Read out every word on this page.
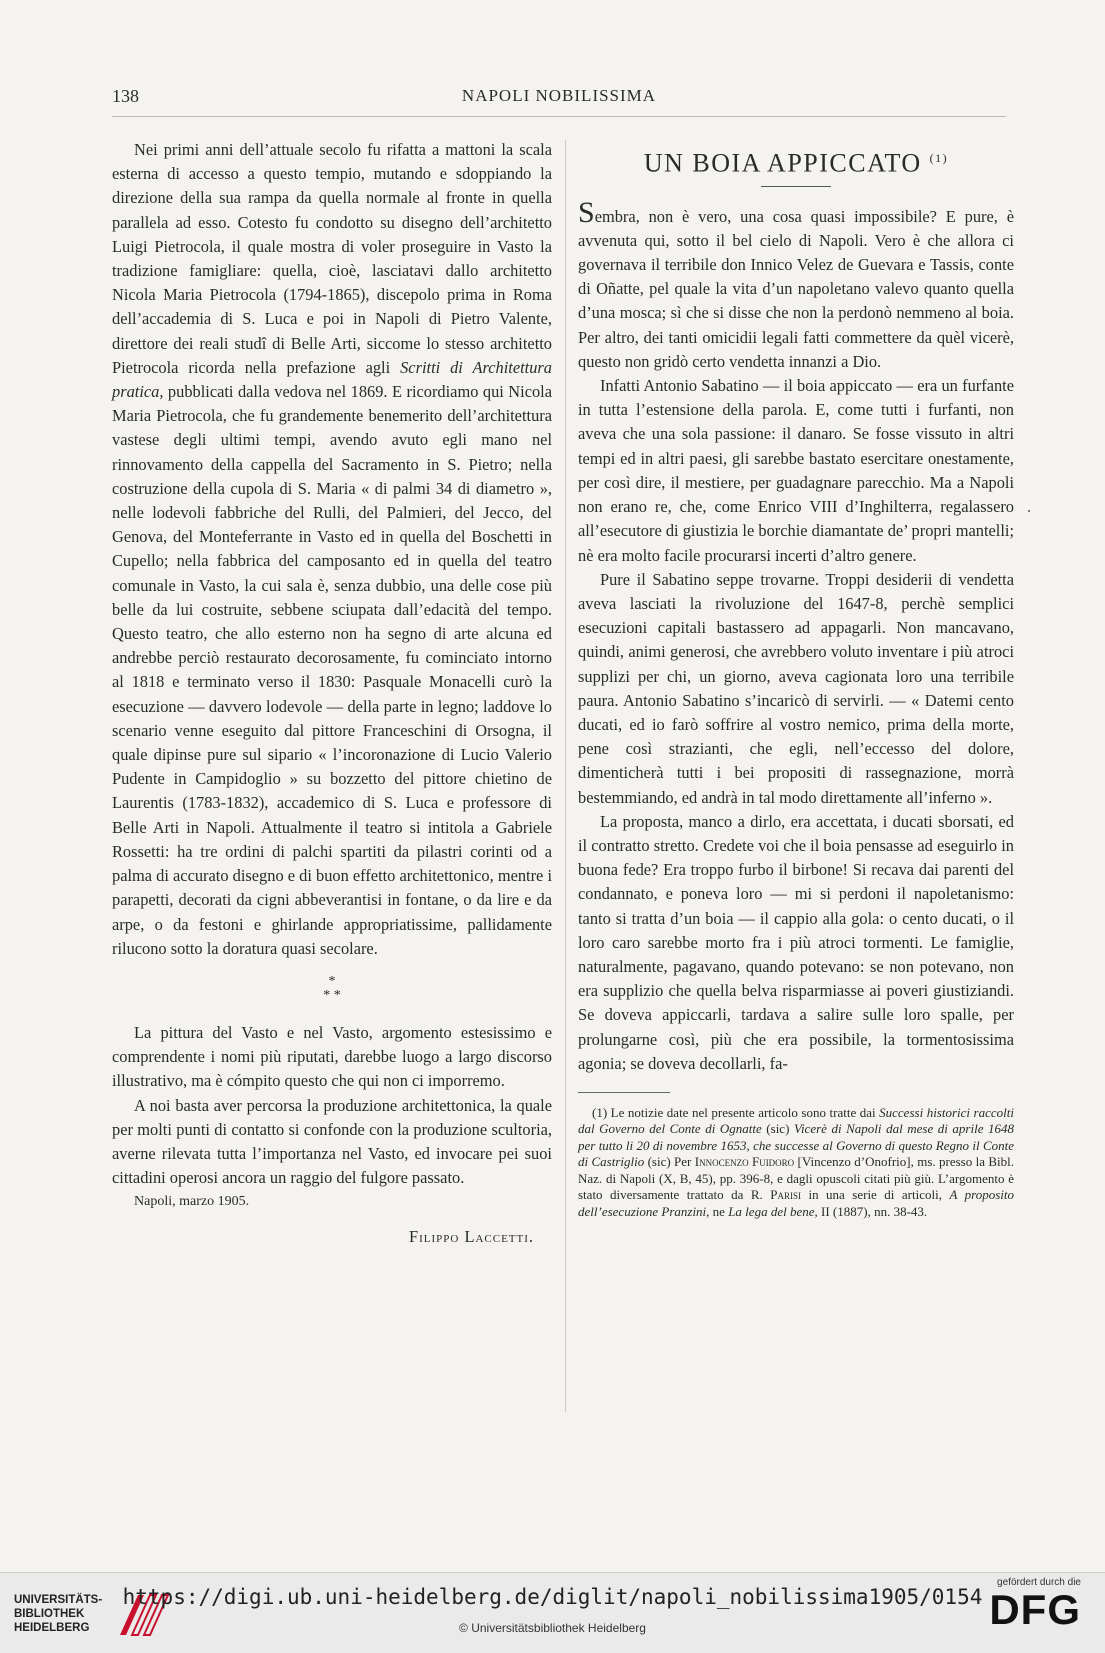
138	NAPOLI NOBILISSIMA

Nei primi anni dell’attuale secolo fu rifatta a mattoni la scala esterna di accesso a questo tempio, mutando e sdoppiando la direzione della sua rampa da quella normale al fronte in quella parallela ad esso. Cotesto fu condotto su disegno dell’architetto Luigi Pietrocola, il quale mostra di voler proseguire in Vasto la tradizione famigliare: quella, cioè, lasciatavi dallo architetto Nicola Maria Pietrocola (1794-1865), discepolo prima in Roma dell’accademia di S. Luca e poi in Napoli di Pietro Valente, direttore dei reali studî di Belle Arti, siccome lo stesso architetto Pietrocola ricorda nella prefazione agli Scritti di Architettura pratica, pubblicati dalla vedova nel 1869. E ricordiamo qui Nicola Maria Pietrocola, che fu grandemente benemerito dell’architettura vastese degli ultimi tempi, avendo avuto egli mano nel rinnovamento della cappella del Sacramento in S. Pietro; nella costruzione della cupola di S. Maria « di palmi 34 di diametro », nelle lodevoli fabbriche del Rulli, del Palmieri, del Jecco, del Genova, del Monteferrante in Vasto ed in quella del Boschetti in Cupello; nella fabbrica del camposanto ed in quella del teatro comunale in Vasto, la cui sala è, senza dubbio, una delle cose più belle da lui costruite, sebbene sciupata dall’edacità del tempo. Questo teatro, che allo esterno non ha segno di arte alcuna ed andrebbe perciò restaurato decorosamente, fu cominciato intorno al 1818 e terminato verso il 1830: Pasquale Monacelli curò la esecuzione — davvero lodevole — della parte in legno; laddove lo scenario venne eseguito dal pittore Franceschini di Orsogna, il quale dipinse pure sul sipario « l’incoronazione di Lucio Valerio Pudente in Campidoglio » su bozzetto del pittore chietino de Laurentis (1783-1832), accademico di S. Luca e professore di Belle Arti in Napoli. Attualmente il teatro si intitola a Gabriele Rossetti: ha tre ordini di palchi spartiti da pilastri corinti od a palma di accurato disegno e di buon effetto architettonico, mentre i parapetti, decorati da cigni abbeverantisi in fontane, o da lire e da arpe, o da festoni e ghirlande appropriatissime, pallidamente rilucono sotto la doratura quasi secolare.

*
* *

La pittura del Vasto e nel Vasto, argomento estesissimo e comprendente i nomi più riputati, darebbe luogo a largo discorso illustrativo, ma è cómpito questo che qui non ci imporremo.

A noi basta aver percorsa la produzione architettonica, la quale per molti punti di contatto si confonde con la produzione scultoria, averne rilevata tutta l’importanza nel Vasto, ed invocare pei suoi cittadini operosi ancora un raggio del fulgore passato.

Napoli, marzo 1905.

Filippo Laccetti.
UN BOIA APPICCATO $^{(1)}$

Sembra, non è vero, una cosa quasi impossibile? E pure, è avvenuta qui, sotto il bel cielo di Napoli. Vero è che allora ci governava il terribile don Innico Velez de Guevara e Tassis, conte di Oñatte, pel quale la vita d’un napoletano valevo quanto quella d’una mosca; sì che si disse che non la perdonò nemmeno al boia. Per altro, dei tanti omicidii legali fatti commettere da quèl vicerè, questo non gridò certo vendetta innanzi a Dio.

Infatti Antonio Sabatino — il boia appiccato — era un furfante in tutta l’estensione della parola. E, come tutti i furfanti, non aveva che una sola passione: il danaro. Se fosse vissuto in altri tempi ed in altri paesi, gli sarebbe bastato esercitare onestamente, per così dire, il mestiere, per guadagnare parecchio. Ma a Napoli non erano re, che, come Enrico VIII d’Inghilterra, regalassero all’esecutore di giustizia le borchie diamantate de’ propri mantelli; nè era molto facile procurarsi incerti d’altro genere.

Pure il Sabatino seppe trovarne. Troppi desiderii di vendetta aveva lasciati la rivoluzione del 1647-8, perchè semplici esecuzioni capitali bastassero ad appagarli. Non mancavano, quindi, animi generosi, che avrebbero voluto inventare i più atroci supplizi per chi, un giorno, aveva cagionata loro una terribile paura. Antonio Sabatino s’incaricò di servirli. — « Datemi cento ducati, ed io farò soffrire al vostro nemico, prima della morte, pene così strazianti, che egli, nell’eccesso del dolore, dimenticherà tutti i bei propositi di rassegnazione, morrà bestemmiando, ed andrà in tal modo direttamente all’inferno ».

La proposta, manco a dirlo, era accettata, i ducati sborsati, ed il contratto stretto. Credete voi che il boia pensasse ad eseguirlo in buona fede? Era troppo furbo il birbone! Si recava dai parenti del condannato, e poneva loro — mi si perdoni il napoletanismo: tanto si tratta d’un boia — il cappio alla gola: o cento ducati, o il loro caro sarebbe morto fra i più atroci tormenti. Le famiglie, naturalmente, pagavano, quando potevano: se non potevano, non era supplizio che quella belva risparmiasse ai poveri giustiziandi. Se doveva appiccarli, tardava a salire sulle loro spalle, per prolungarne così, più che era possibile, la tormentosissima agonia; se doveva decollarli, fa-

(1) Le notizie date nel presente articolo sono tratte dai Successi historici raccolti dal Governo del Conte di Ognatte (sic) Vicerè di Napoli dal mese di aprile 1648 per tutto li 20 di novembre 1653, che successe al Governo di questo Regno il Conte di Castriglio (sic) Per Innocenzo Fuidoro [Vincenzo d’Onofrio], ms. presso la Bibl. Naz. di Napoli (X, B, 45), pp. 396-8, e dagli opuscoli citati più giù. L’argomento è stato diversamente trattato da R. Parisi in una serie di articoli, A proposito dell’esecuzione Pranzini, ne La lega del bene, II (1887), nn. 38-43.

UNIVERSITÄTS-
BIBLIOTHEK
HEIDELBERG
https://digi.ub.uni-heidelberg.de/diglit/napoli_nobilissima1905/0154
© Universitätsbibliothek Heidelberg
gefördert durch die
DFG
